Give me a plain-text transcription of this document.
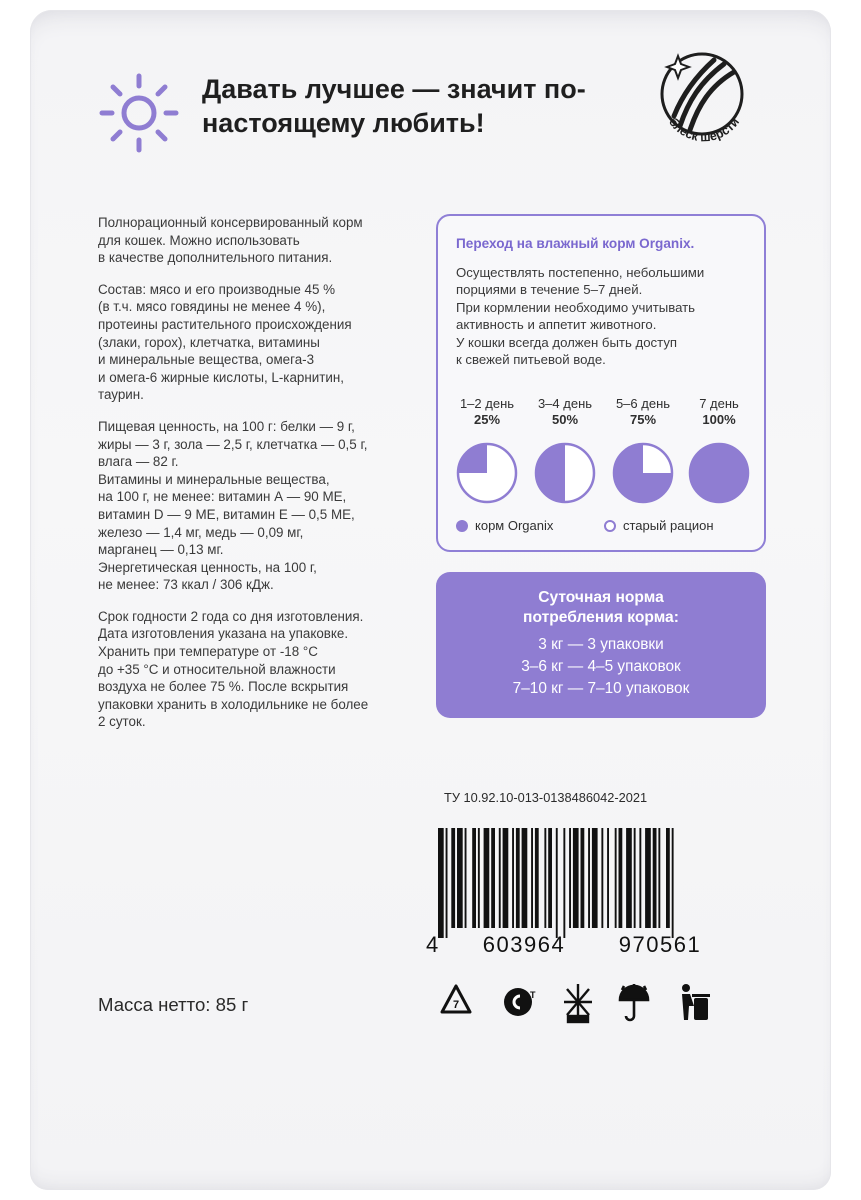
Давать лучшее — значит по-настоящему любить!	блеск шерсти

Полнорационный консервированный корм
для кошек. Можно использовать
в качестве дополнительного питания.

Состав: мясо и его производные 45 %
(в т.ч. мясо говядины не менее 4 %),
протеины растительного происхождения
(злаки, горох), клетчатка, витамины
и минеральные вещества, омега-3
и омега-6 жирные кислоты, L-карнитин,
таурин.

Пищевая ценность, на 100 г: белки — 9 г,
жиры — 3 г, зола — 2,5 г, клетчатка — 0,5 г,
влага — 82 г.

Витамины и минеральные вещества,
на 100 г, не менее: витамин А — 90 МЕ,
витамин D — 9 МЕ, витамин Е — 0,5 МЕ,
железо — 1,4 мг, медь — 0,09 мг,
марганец — 0,13 мг.

Энергетическая ценность, на 100 г,
не менее: 73 ккал / 306 кДж.

Срок годности 2 года со дня изготовления.
Дата изготовления указана на упаковке.
Хранить при температуре от -18 °С
до +35 °С и относительной влажности
воздуха не более 75 %. После вскрытия
упаковки хранить в холодильнике не более
2 суток.

Переход на влажный корм Organix.
Осуществлять постепенно, небольшими
порциями в течение 5–7 дней.
При кормлении необходимо учитывать
активность и аппетит животного.
У кошки всегда должен быть доступ
к свежей питьевой воде.
1–2 день
25%
3–4 день
50%
5–6 день
75%
7 день
100%
корм Organix	старый рацион
Суточная норма
потребления корма:
3 кг — 3 упаковки
3–6 кг — 4–5 упаковок
7–10 кг — 7–10 упаковок
ТУ 10.92.10-013-0138486042-2021
4 603964 970561
Масса нетто: 85 г	7
T
